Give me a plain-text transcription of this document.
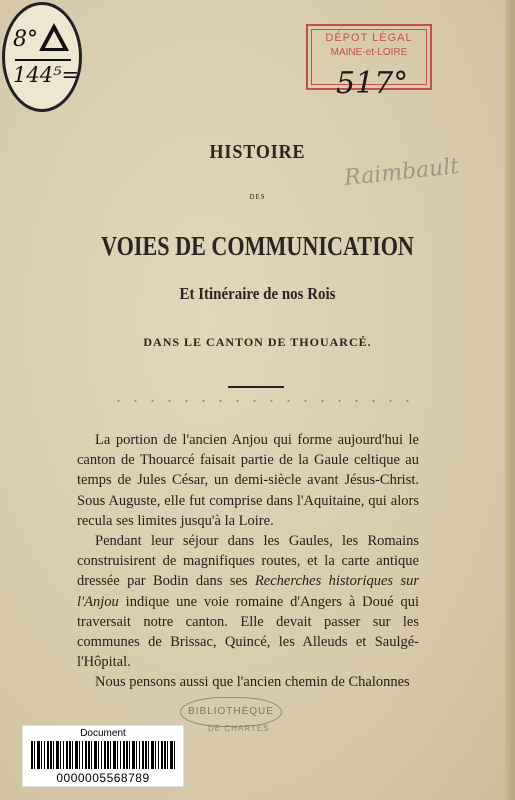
8°
144⁵=
DÉPOT LÉGAL
MAINE-et-LOIRE
517°
Raimbault
HISTOIRE
DES
VOIES DE COMMUNICATION
Et Itinéraire de nos Rois
DANS LE CANTON DE THOUARCÉ.

La portion de l'ancien Anjou qui forme aujourd'hui le canton de Thouarcé faisait partie de la Gaule celtique au temps de Jules César, un demi-siècle avant Jésus-Christ. Sous Auguste, elle fut comprise dans l'Aquitaine, qui alors recula ses limites jusqu'à la Loire.

Pendant leur séjour dans les Gaules, les Romains construisirent de magnifiques routes, et la carte antique dressée par Bodin dans ses Recherches historiques sur l'Anjou indique une voie romaine d'Angers à Doué qui traversait notre canton. Elle devait passer sur les communes de Brissac, Quincé, les Alleuds et Saulgé-l'Hôpital.

Nous pensons aussi que l'ancien chemin de Chalonnes

BIBLIOTHÈQUE
DE CHARTES
Document
0000005568789
